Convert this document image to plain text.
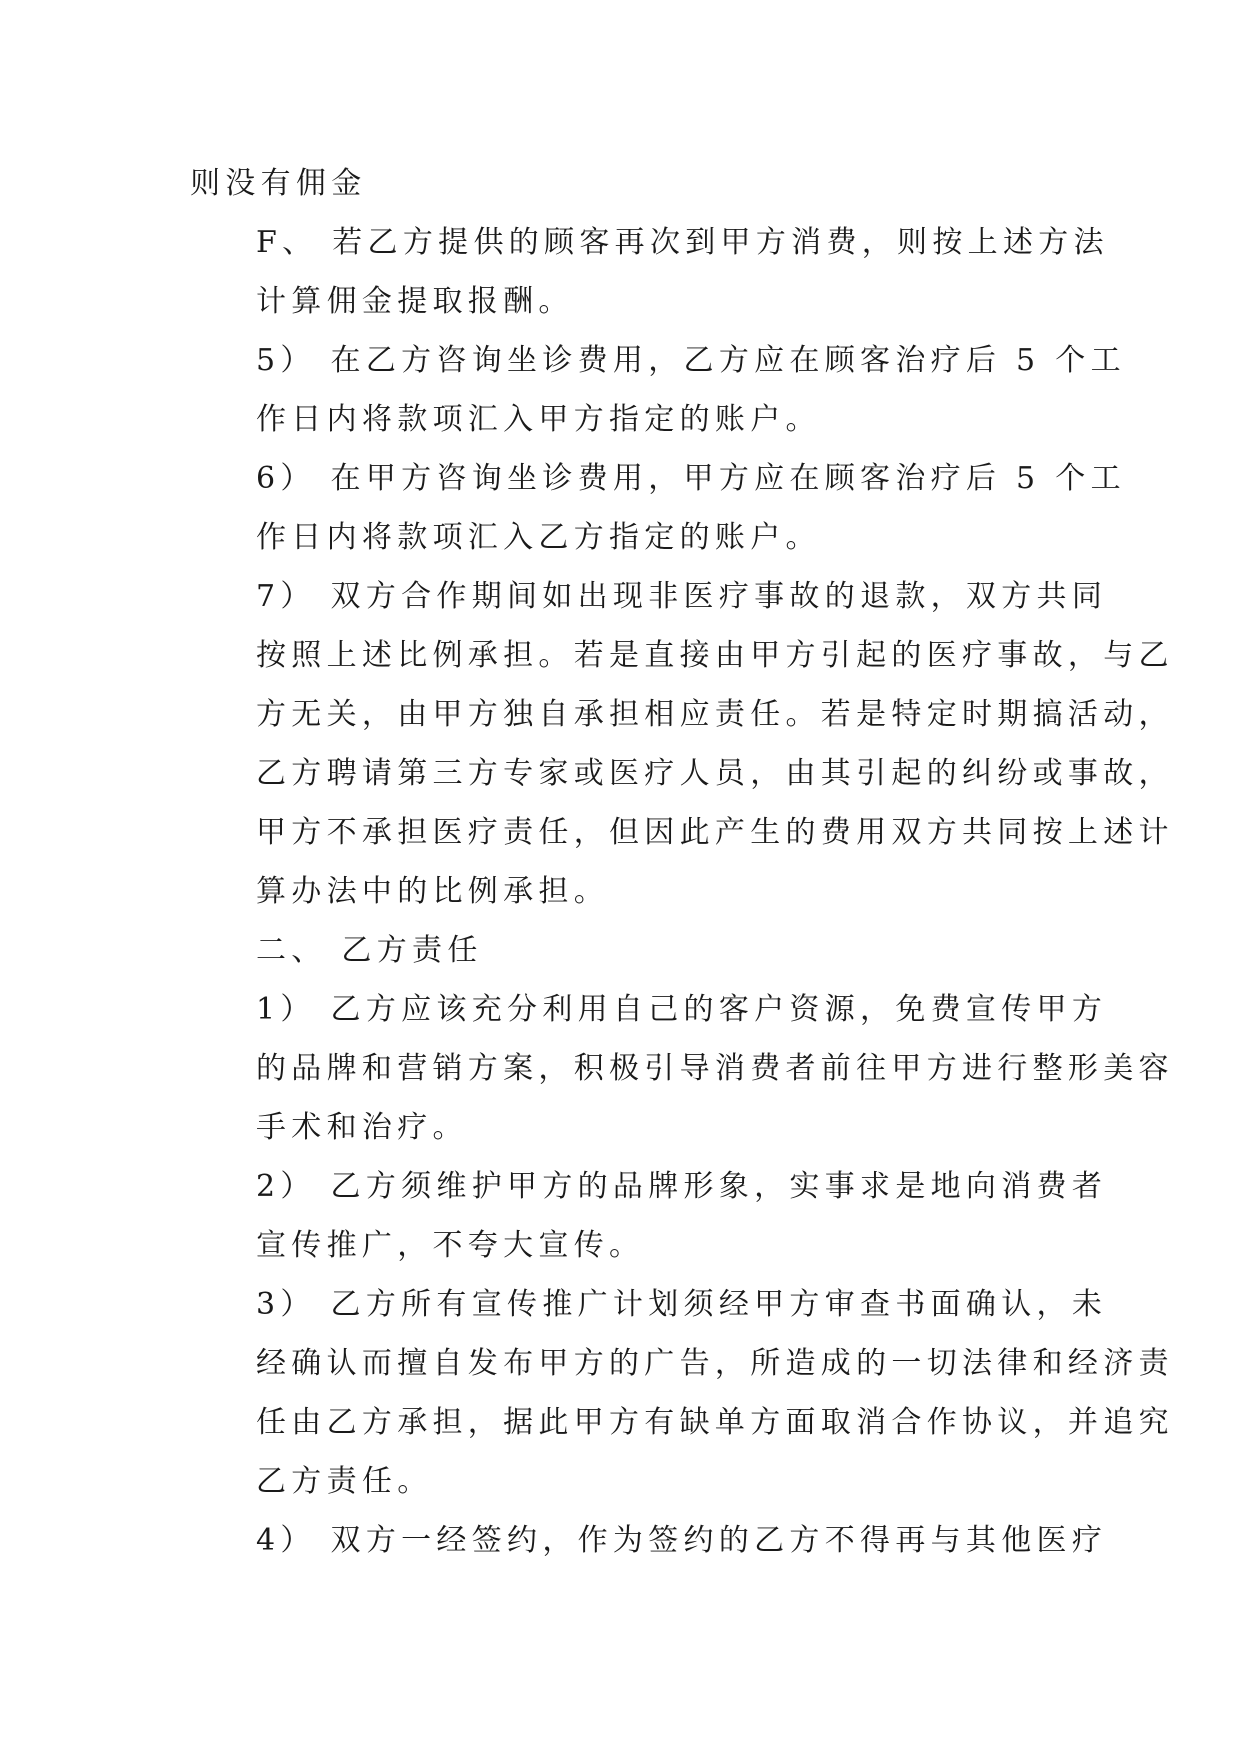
则没有佣金

F、 若乙方提供的顾客再次到甲方消费，则按上述方法
计算佣金提取报酬。

5） 在乙方咨询坐诊费用，乙方应在顾客治疗后 5 个工
作日内将款项汇入甲方指定的账户。

6） 在甲方咨询坐诊费用，甲方应在顾客治疗后 5 个工
作日内将款项汇入乙方指定的账户。

7） 双方合作期间如出现非医疗事故的退款，双方共同
按照上述比例承担。若是直接由甲方引起的医疗事故，与乙
方无关，由甲方独自承担相应责任。若是特定时期搞活动，
乙方聘请第三方专家或医疗人员，由其引起的纠纷或事故，
甲方不承担医疗责任，但因此产生的费用双方共同按上述计
算办法中的比例承担。

二、 乙方责任

1） 乙方应该充分利用自己的客户资源，免费宣传甲方
的品牌和营销方案，积极引导消费者前往甲方进行整形美容
手术和治疗。

2） 乙方须维护甲方的品牌形象，实事求是地向消费者
宣传推广，不夸大宣传。

3） 乙方所有宣传推广计划须经甲方审查书面确认，未
经确认而擅自发布甲方的广告，所造成的一切法律和经济责
任由乙方承担，据此甲方有缺单方面取消合作协议，并追究
乙方责任。

4） 双方一经签约，作为签约的乙方不得再与其他医疗
